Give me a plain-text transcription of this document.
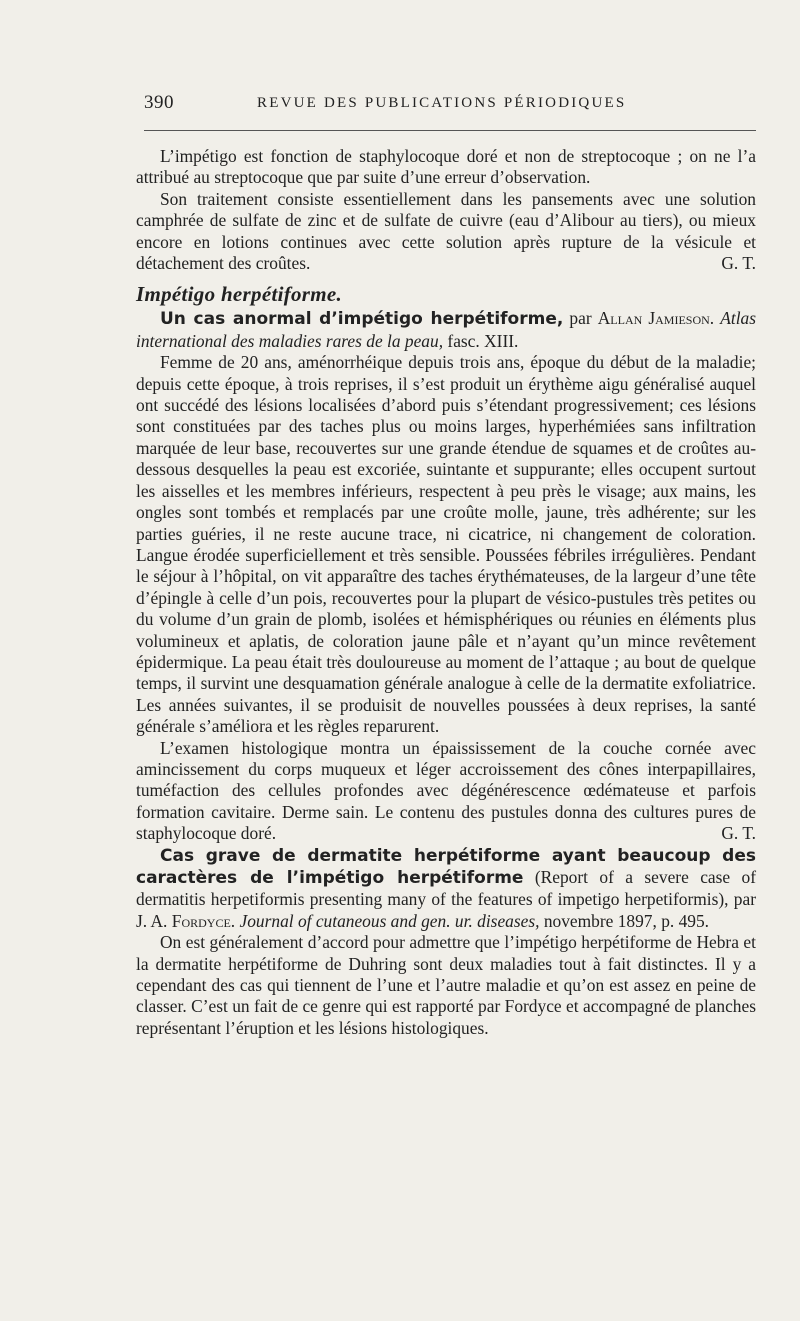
390	REVUE DES PUBLICATIONS PÉRIODIQUES

L’impétigo est fonction de staphylocoque doré et non de streptocoque ; on ne l’a attribué au streptocoque que par suite d’une erreur d’observation.

Son traitement consiste essentiellement dans les pansements avec une solution camphrée de sulfate de zinc et de sulfate de cuivre (eau d’Alibour au tiers), ou mieux encore en lotions continues avec cette solution après rupture de la vésicule et détachement des croûtes.	G. T.

Impétigo herpétiforme.

Un cas anormal d’impétigo herpétiforme, par Allan Jamieson. Atlas international des maladies rares de la peau, fasc. XIII.

Femme de 20 ans, aménorrhéique depuis trois ans, époque du début de la maladie; depuis cette époque, à trois reprises, il s’est produit un érythème aigu généralisé auquel ont succédé des lésions localisées d’abord puis s’étendant progressivement; ces lésions sont constituées par des taches plus ou moins larges, hyperhémiées sans infiltration marquée de leur base, recouvertes sur une grande étendue de squames et de croûtes au-dessous desquelles la peau est excoriée, suintante et suppurante; elles occupent surtout les aisselles et les membres inférieurs, respectent à peu près le visage; aux mains, les ongles sont tombés et remplacés par une croûte molle, jaune, très adhérente; sur les parties guéries, il ne reste aucune trace, ni cicatrice, ni changement de coloration. Langue érodée superficiellement et très sensible. Poussées fébriles irrégulières. Pendant le séjour à l’hôpital, on vit apparaître des taches érythémateuses, de la largeur d’une tête d’épingle à celle d’un pois, recouvertes pour la plupart de vésico-pustules très petites ou du volume d’un grain de plomb, isolées et hémisphériques ou réunies en éléments plus volumineux et aplatis, de coloration jaune pâle et n’ayant qu’un mince revêtement épidermique. La peau était très douloureuse au moment de l’attaque ; au bout de quelque temps, il survint une desquamation générale analogue à celle de la dermatite exfoliatrice. Les années suivantes, il se produisit de nouvelles poussées à deux reprises, la santé générale s’améliora et les règles reparurent.

L’examen histologique montra un épaississement de la couche cornée avec amincissement du corps muqueux et léger accroissement des cônes interpapillaires, tuméfaction des cellules profondes avec dégénérescence œdémateuse et parfois formation cavitaire. Derme sain. Le contenu des pustules donna des cultures pures de staphylocoque doré.	G. T.

Cas grave de dermatite herpétiforme ayant beaucoup des caractères de l’impétigo herpétiforme (Report of a severe case of dermatitis herpetiformis presenting many of the features of impetigo herpetiformis), par J. A. Fordyce. Journal of cutaneous and gen. ur. diseases, novembre 1897, p. 495.

On est généralement d’accord pour admettre que l’impétigo herpétiforme de Hebra et la dermatite herpétiforme de Duhring sont deux maladies tout à fait distinctes. Il y a cependant des cas qui tiennent de l’une et l’autre maladie et qu’on est assez en peine de classer. C’est un fait de ce genre qui est rapporté par Fordyce et accompagné de planches représentant l’éruption et les lésions histologiques.
